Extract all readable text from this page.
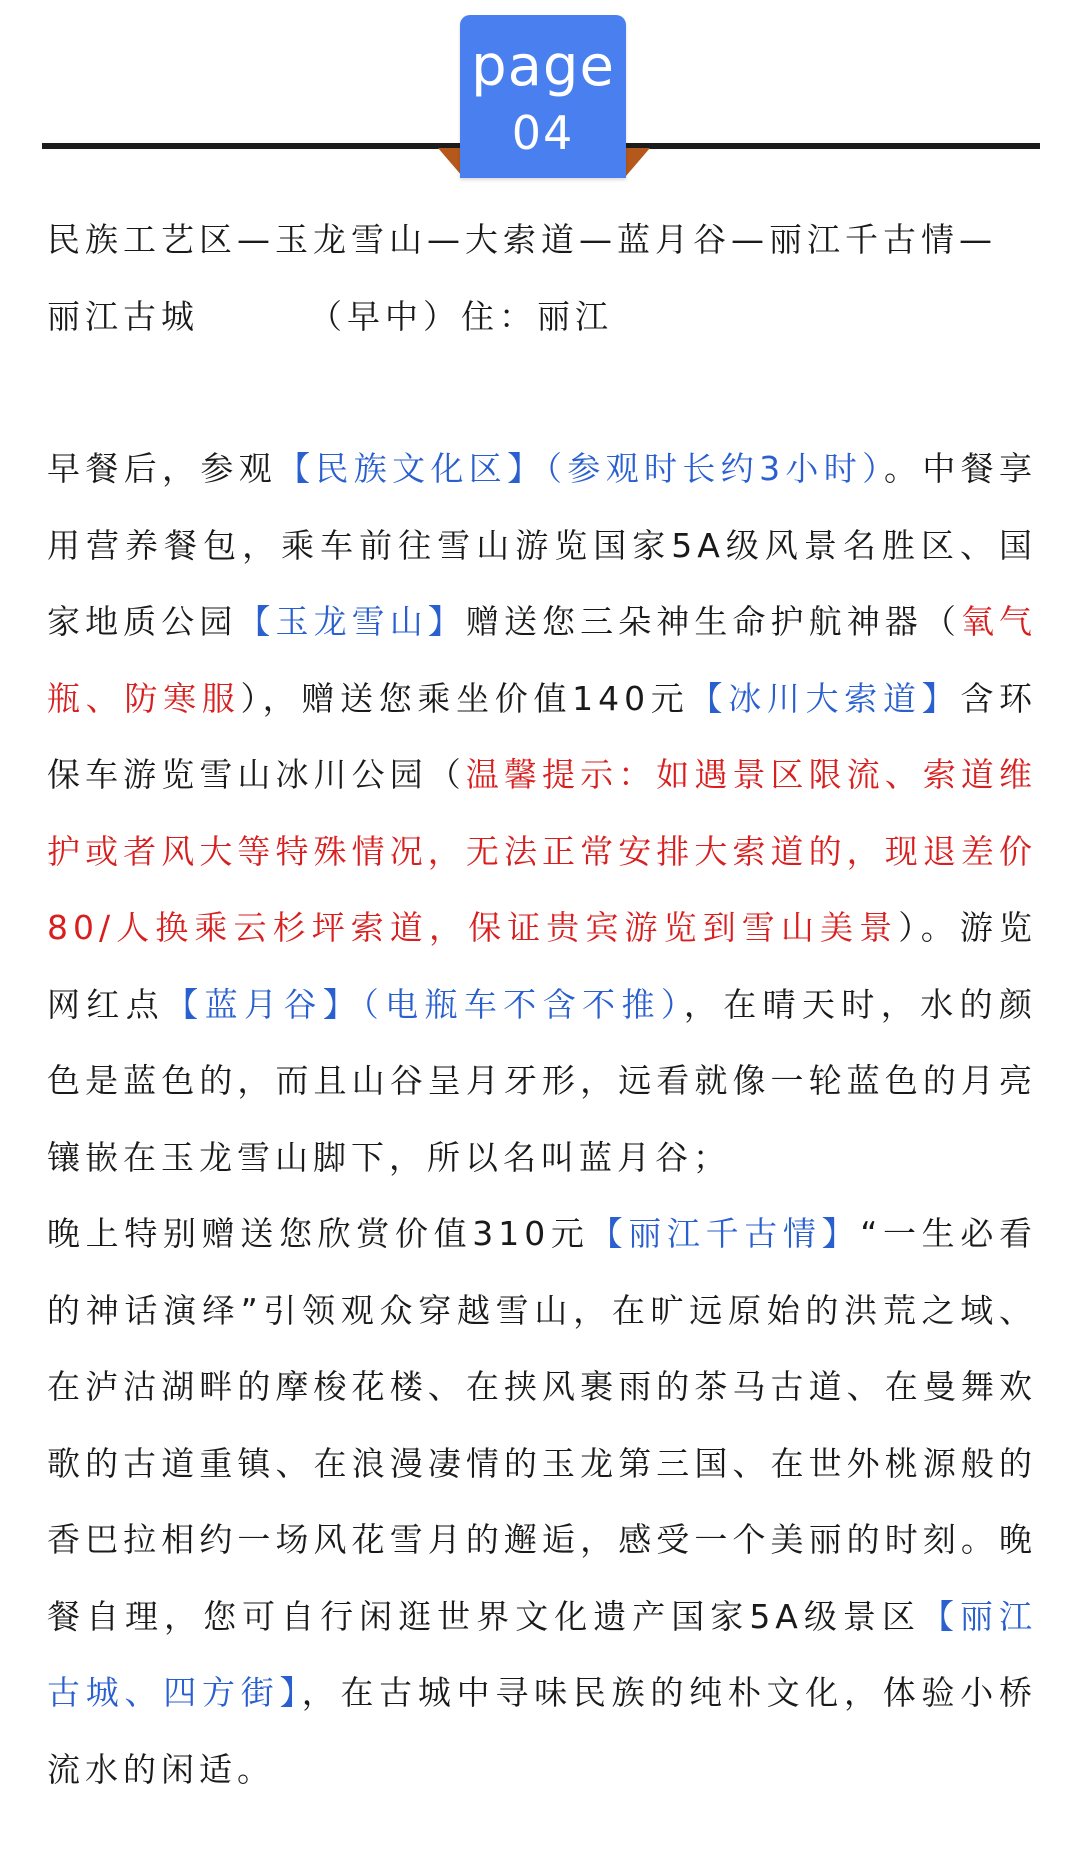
page
04

民族工艺区—玉龙雪山—大索道—蓝月谷—丽江千古情—
丽江古城	（早中）住：丽江

早餐后，参观【民族文化区】（参观时长约3小时）。中餐享用营养餐包，乘车前往雪山游览国家5A级风景名胜区、国家地质公园【玉龙雪山】赠送您三朵神生命护航神器（氧气瓶、防寒服），赠送您乘坐价值140元【冰川大索道】含环保车游览雪山冰川公园（温馨提示：如遇景区限流、索道维护或者风大等特殊情况，无法正常安排大索道的，现退差价80/人换乘云杉坪索道，保证贵宾游览到雪山美景）。游览网红点【蓝月谷】（电瓶车不含不推），在晴天时，水的颜色是蓝色的，而且山谷呈月牙形，远看就像一轮蓝色的月亮镶嵌在玉龙雪山脚下，所以名叫蓝月谷；

晚上特别赠送您欣赏价值310元【丽江千古情】“一生必看的神话演绎”引领观众穿越雪山，在旷远原始的洪荒之域、在泸沽湖畔的摩梭花楼、在挟风裹雨的茶马古道、在曼舞欢歌的古道重镇、在浪漫凄情的玉龙第三国、在世外桃源般的香巴拉相约一场风花雪月的邂逅，感受一个美丽的时刻。晚餐自理，您可自行闲逛世界文化遗产国家5A级景区【丽江古城、四方街】，在古城中寻味民族的纯朴文化，体验小桥流水的闲适。
